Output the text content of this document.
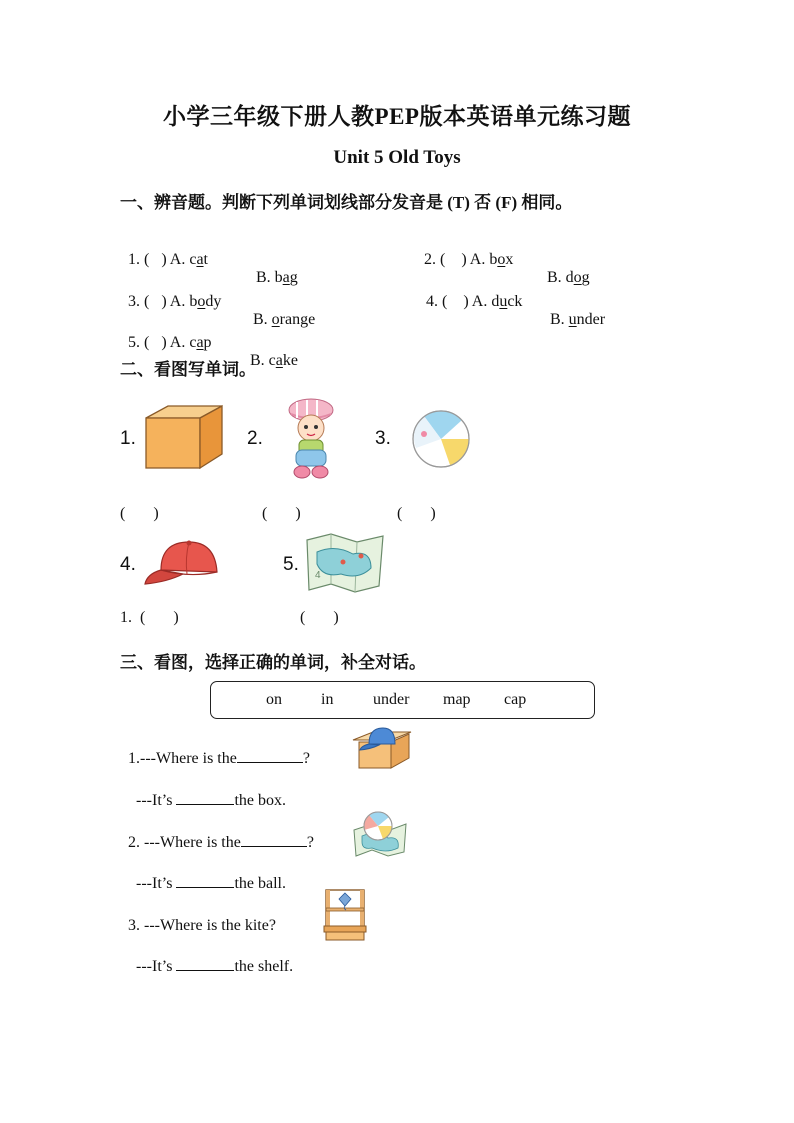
小学三年级下册人教PEP版本英语单元练习题
Unit 5 Old Toys
一、辨音题。判断下列单词划线部分发音是 (T) 否 (F) 相同。

1. (   ) A. cat

B. bag

2. (    ) A. box

B. dog

3. (   ) A. body

B. orange

4. (    ) A. duck

B. under

5. (   ) A. cap

B. cake

二、看图写单词。
1.	2.	3.
(       )	(       )	(       )
4.	5.
4
1.  (       )	(       )
三、看图，选择正确的单词，补全对话。
on in under map cap

1.---Where is the	?

---It’s	the box.

2. ---Where is the	?

---It’s	the ball.

3. ---Where is the kite?

---It’s	the shelf.
